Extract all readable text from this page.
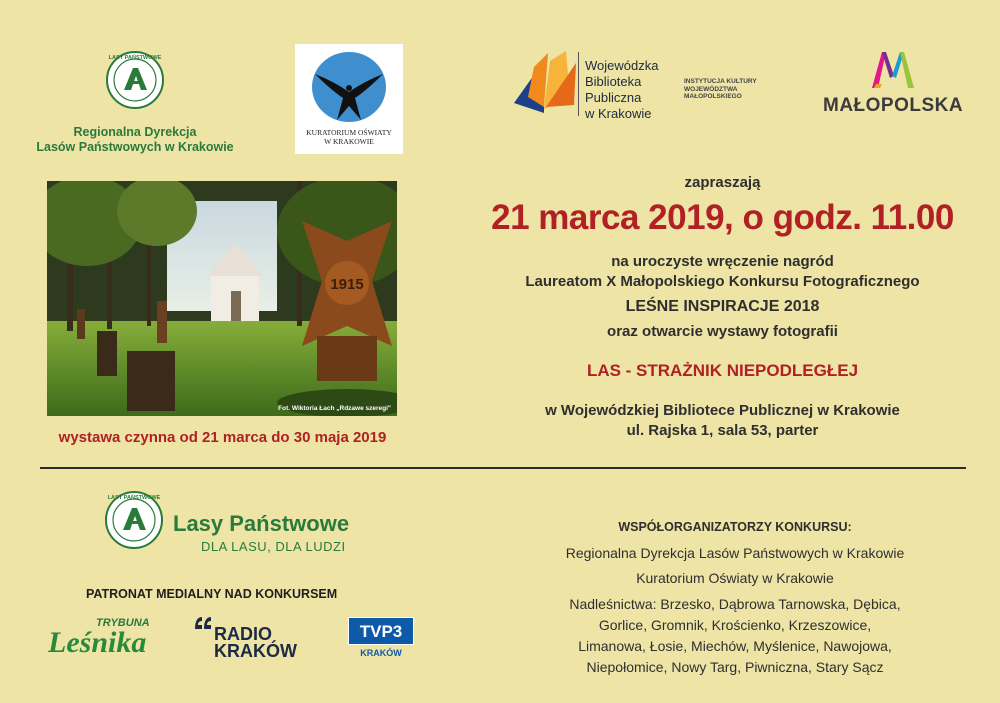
LASY PAŃSTWOWE
Regionalna Dyrekcja
Lasów Państwowych w Krakowie
KURATORIUM OŚWIATY
W KRAKOWIE
Wojewódzka
Biblioteka
Publiczna
w Krakowie
INSTYTUCJA KULTURY
WOJEWÓDZTWA
MAŁOPOLSKIEGO	MAŁOPOLSKA
1915
Fot. Wiktoria Łach „Rdzawe szeregi"
wystawa czynna od 21 marca do 30 maja 2019
zapraszają
21 marca 2019, o godz. 11.00
na uroczyste wręczenie nagród
Laureatom X Małopolskiego Konkursu Fotograficznego
LEŚNE INSPIRACJE 2018
oraz otwarcie wystawy fotografii
LAS - STRAŻNIK NIEPODLEGŁEJ
w Wojewódzkiej Bibliotece Publicznej w Krakowie
ul. Rajska 1, sala 53, parter
LASY PAŃSTWOWE
Lasy Państwowe
DLA LASU, DLA LUDZI
PATRONAT MEDIALNY NAD KONKURSEM
TRYBUNA
Leśnika	RADIO
KRAKÓW
TVP3
KRAKÓW
WSPÓŁORGANIZATORZY KONKURSU:
Regionalna Dyrekcja Lasów Państwowych w Krakowie
Kuratorium Oświaty w Krakowie
Nadleśnictwa: Brzesko, Dąbrowa Tarnowska, Dębica,
Gorlice, Gromnik, Krościenko, Krzeszowice,
Limanowa, Łosie, Miechów, Myślenice, Nawojowa,
Niepołomice, Nowy Targ, Piwniczna, Stary Sącz
